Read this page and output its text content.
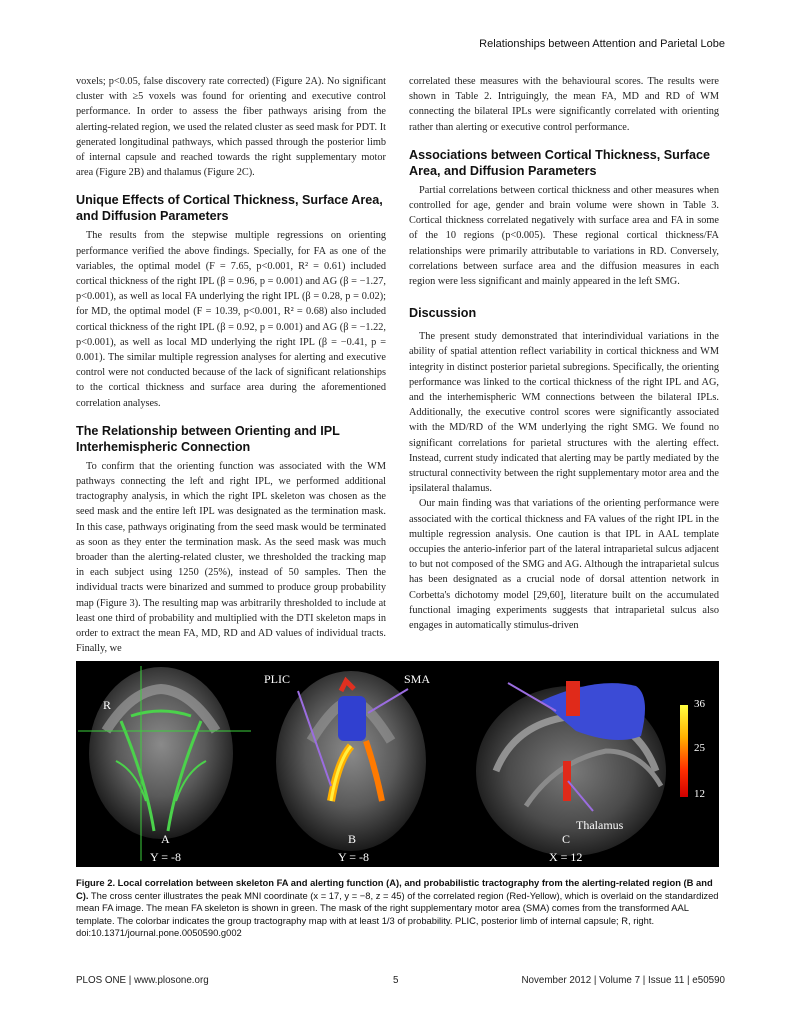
Relationships between Attention and Parietal Lobe

voxels; p<0.05, false discovery rate corrected) (Figure 2A). No significant cluster with ≥5 voxels was found for orienting and executive control performance. In order to assess the fiber pathways arising from the alerting-related region, we used the related cluster as seed mask for PDT. It generated longitudinal pathways, which passed through the posterior limb of internal capsule and reached towards the right supplementary motor area (Figure 2B) and thalamus (Figure 2C).

Unique Effects of Cortical Thickness, Surface Area, and Diffusion Parameters

The results from the stepwise multiple regressions on orienting performance verified the above findings. Specially, for FA as one of the variables, the optimal model (F = 7.65, p<0.001, R² = 0.61) included cortical thickness of the right IPL (β = 0.96, p = 0.001) and AG (β = −1.27, p<0.001), as well as local FA underlying the right IPL (β = 0.28, p = 0.02); for MD, the optimal model (F = 10.39, p<0.001, R² = 0.68) also included cortical thickness of the right IPL (β = 0.92, p = 0.001) and AG (β = −1.22, p<0.001), as well as local MD underlying the right IPL (β = −0.41, p = 0.001). The similar multiple regression analyses for alerting and executive control were not conducted because of the lack of significant relationships to the cortical thickness and surface area during the aforementioned correlation analyses.

The Relationship between Orienting and IPL Interhemispheric Connection

To confirm that the orienting function was associated with the WM pathways connecting the left and right IPL, we performed additional tractography analysis, in which the right IPL skeleton was chosen as the seed mask and the entire left IPL was designated as the termination mask. In this case, pathways originating from the seed mask would be terminated as soon as they enter the termination mask. As the seed mask was much broader than the alerting-related cluster, we thresholded the tracking map in each subject using 1250 (25%), instead of 50 samples. Then the individual tracts were binarized and summed to produce group probability map (Figure 3). The resulting map was arbitrarily thresholded to include at least one third of probability and multiplied with the DTI skeleton maps in order to extract the mean FA, MD, RD and AD values of individual tracts. Finally, we

correlated these measures with the behavioural scores. The results were shown in Table 2. Intriguingly, the mean FA, MD and RD of WM connecting the bilateral IPLs were significantly correlated with orienting rather than alerting or executive control performance.

Associations between Cortical Thickness, Surface Area, and Diffusion Parameters

Partial correlations between cortical thickness and other measures when controlled for age, gender and brain volume were shown in Table 3. Cortical thickness correlated negatively with surface area and FA in some of the 10 regions (p<0.005). These regional cortical thickness/FA relationships were primarily attributable to variations in RD. Conversely, correlations between surface area and the diffusion measures in each region were less significant and mainly appeared in the left SMG.

Discussion

The present study demonstrated that interindividual variations in the ability of spatial attention reflect variability in cortical thickness and WM integrity in distinct posterior parietal subregions. Specifically, the orienting performance was linked to the cortical thickness of the right IPL and AG, and the interhemispheric WM connections between the bilateral IPLs. Additionally, the executive control scores were significantly associated with the MD/RD of the WM underlying the right SMG. We found no significant correlations for parietal structures with the alerting effect. Instead, current study indicated that alerting may be partly mediated by the structural connectivity between the right supplementary motor area and the ipsilateral thalamus.

Our main finding was that variations of the orienting performance were associated with the cortical thickness and FA values of the right IPL in the multiple regression analysis. One caution is that IPL in AAL template occupies the anterio-inferior part of the lateral intraparietal sulcus adjacent to but not composed of the SMG and AG. Although the intraparietal sulcus has been designated as a crucial node of dorsal attention network in Corbetta's dichotomy model [29,60], literature built on the accumulated functional imaging experiments suggests that intraparietal sulcus also engages in automatically stimulus-driven

R
PLIC	SMA
Thalamus
A	B	C
Y = -8	Y = -8	X = 12
36
25
12
Figure 2. Local correlation between skeleton FA and alerting function (A), and probabilistic tractography from the alerting-related region (B and C). The cross center illustrates the peak MNI coordinate (x = 17, y = −8, z = 45) of the correlated region (Red-Yellow), which is overlaid on the standardized mean FA image. The mean FA skeleton is shown in green. The mask of the right supplementary motor area (SMA) comes from the transformed AAL template. The colorbar indicates the group tractography map with at least 1/3 of probability. PLIC, posterior limb of internal capsule; R, right.
doi:10.1371/journal.pone.0050590.g002
PLOS ONE | www.plosone.org	5	November 2012 | Volume 7 | Issue 11 | e50590
